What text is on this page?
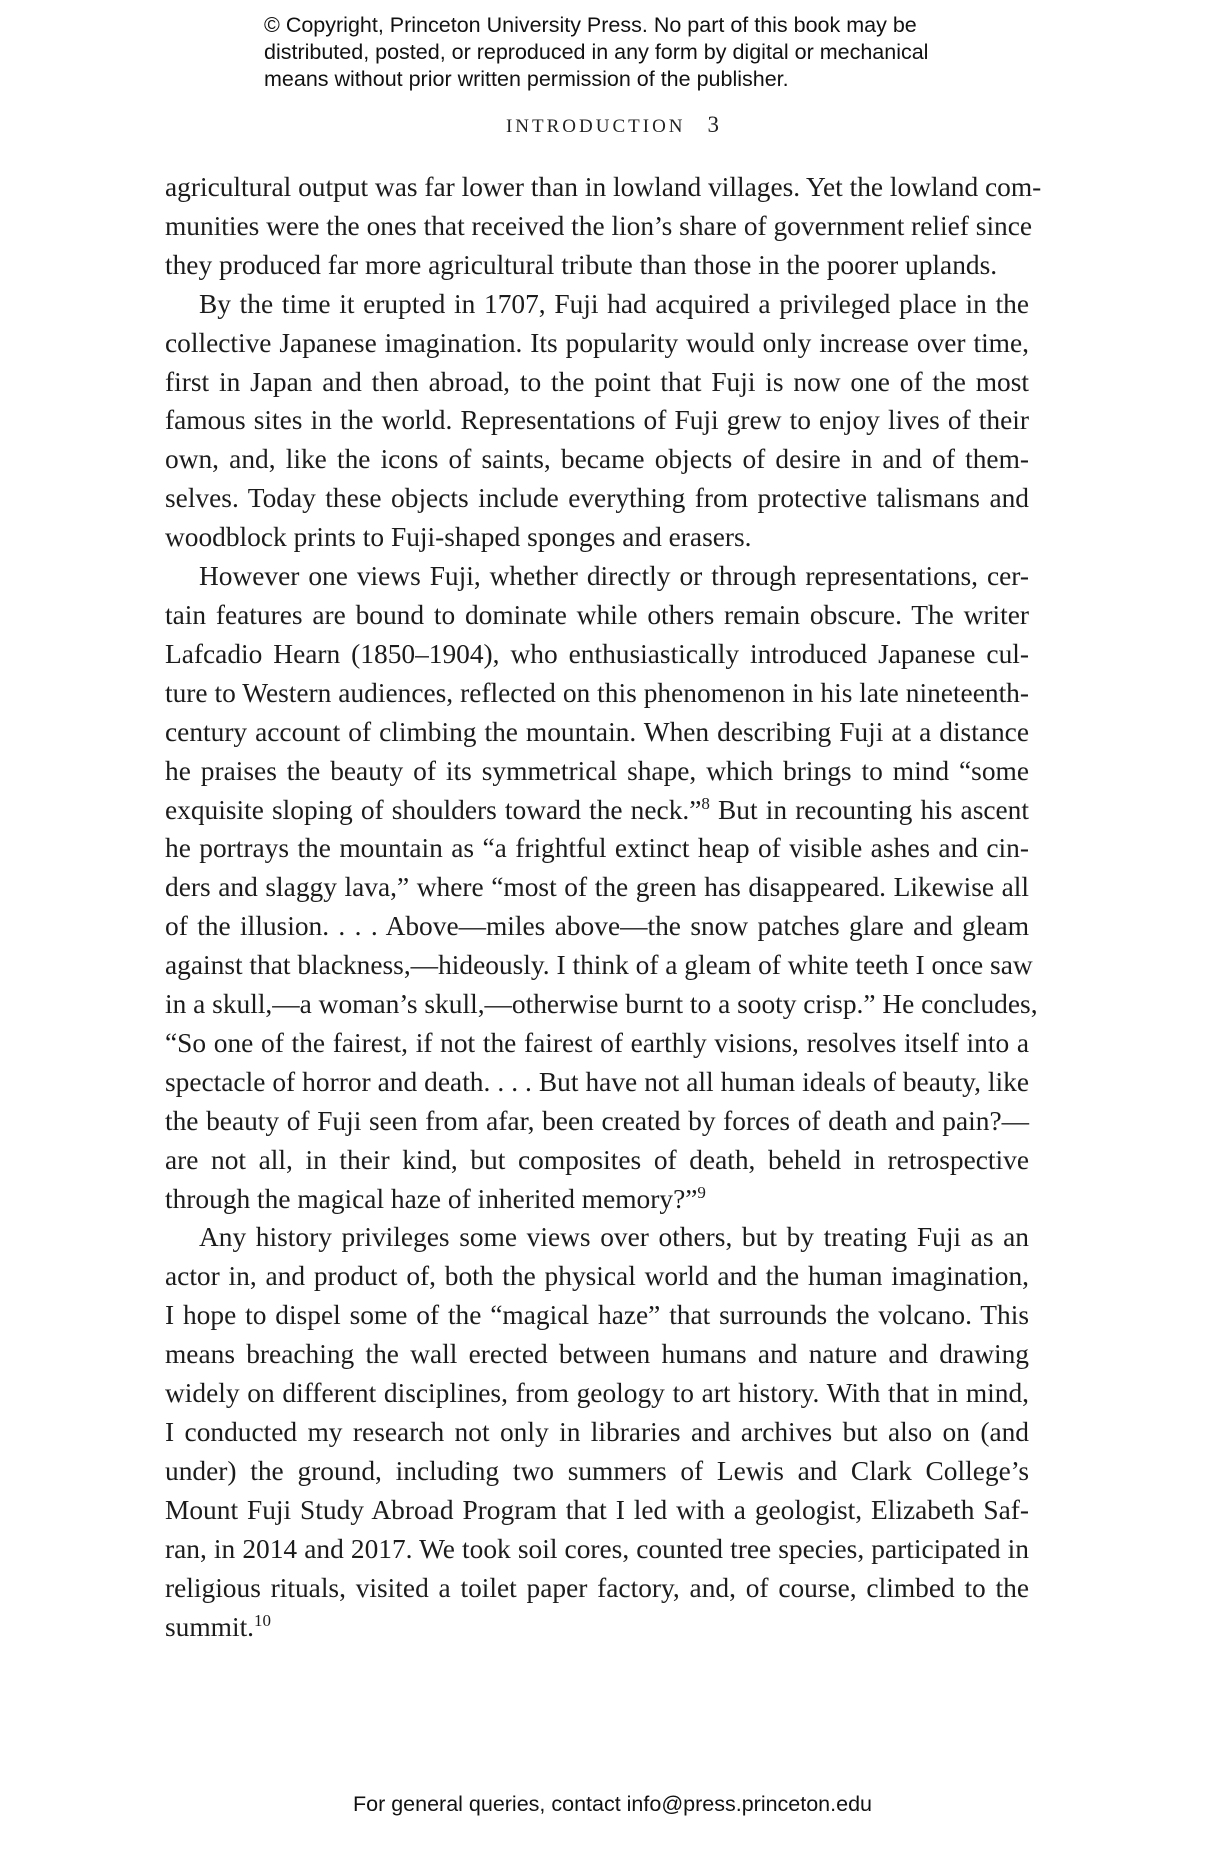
© Copyright, Princeton University Press. No part of this book may be
distributed, posted, or reproduced in any form by digital or mechanical
means without prior written permission of the publisher.
INTRODUCTION 3

agricultural output was far lower than in lowland villages. Yet the lowland com-
munities were the ones that received the lion’s share of government relief since
they produced far more agricultural tribute than those in the poorer uplands.

By the time it erupted in 1707, Fuji had acquired a privileged place in the
collective Japanese imagination. Its popularity would only increase over time,
first in Japan and then abroad, to the point that Fuji is now one of the most
famous sites in the world. Representations of Fuji grew to enjoy lives of their
own, and, like the icons of saints, became objects of desire in and of them-
selves. Today these objects include everything from protective talismans and
woodblock prints to Fuji-shaped sponges and erasers.

However one views Fuji, whether directly or through representations, cer-
tain features are bound to dominate while others remain obscure. The writer
Lafcadio Hearn (1850–1904), who enthusiastically introduced Japanese cul-
ture to Western audiences, reflected on this phenomenon in his late nineteenth-
century account of climbing the mountain. When describing Fuji at a distance
he praises the beauty of its symmetrical shape, which brings to mind “some
exquisite sloping of shoulders toward the neck.”$^8$ But in recounting his ascent
he portrays the mountain as “a frightful extinct heap of visible ashes and cin-
ders and slaggy lava,” where “most of the green has disappeared. Likewise all
of the illusion. . . . Above—miles above—the snow patches glare and gleam
against that blackness,—hideously. I think of a gleam of white teeth I once saw
in a skull,—a woman’s skull,—otherwise burnt to a sooty crisp.” He concludes,
“So one of the fairest, if not the fairest of earthly visions, resolves itself into a
spectacle of horror and death. . . . But have not all human ideals of beauty, like
the beauty of Fuji seen from afar, been created by forces of death and pain?—
are not all, in their kind, but composites of death, beheld in retrospective
through the magical haze of inherited memory?”$^9$

Any history privileges some views over others, but by treating Fuji as an
actor in, and product of, both the physical world and the human imagination,
I hope to dispel some of the “magical haze” that surrounds the volcano. This
means breaching the wall erected between humans and nature and drawing
widely on different disciplines, from geology to art history. With that in mind,
I conducted my research not only in libraries and archives but also on (and
under) the ground, including two summers of Lewis and Clark College’s
Mount Fuji Study Abroad Program that I led with a geologist, Elizabeth Saf-
ran, in 2014 and 2017. We took soil cores, counted tree species, participated in
religious rituals, visited a toilet paper factory, and, of course, climbed to the
summit.$^{10}$

For general queries, contact info@press.princeton.edu
